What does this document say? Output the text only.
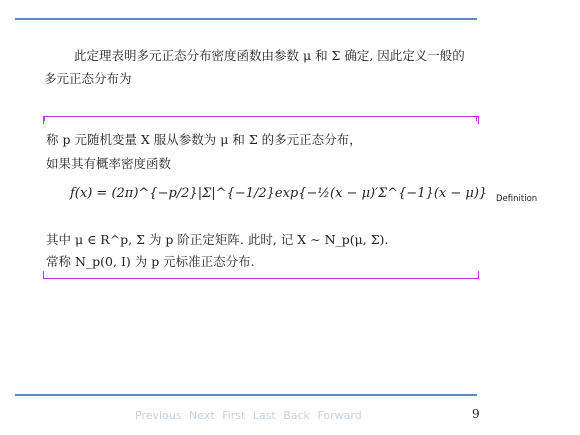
此定理表明多元正态分布密度函数由参数 μ 和 Σ 确定, 因此定义一般的多元正态分布为
称 p 元随机变量 X 服从参数为 μ 和 Σ 的多元正态分布，
如果其有概率密度函数
f(x) = (2π)^{−p/2}|Σ|^{−1/2}exp{−½(x − μ)′Σ^{−1}(x − μ)}
其中 μ ∈ R^p, Σ 为 p 阶正定矩阵. 此时, 记 X ∼ N_p(μ, Σ).
常称 N_p(0, I) 为 p 元标准正态分布.
Definition
Previous Next First Last Back Forward	9
